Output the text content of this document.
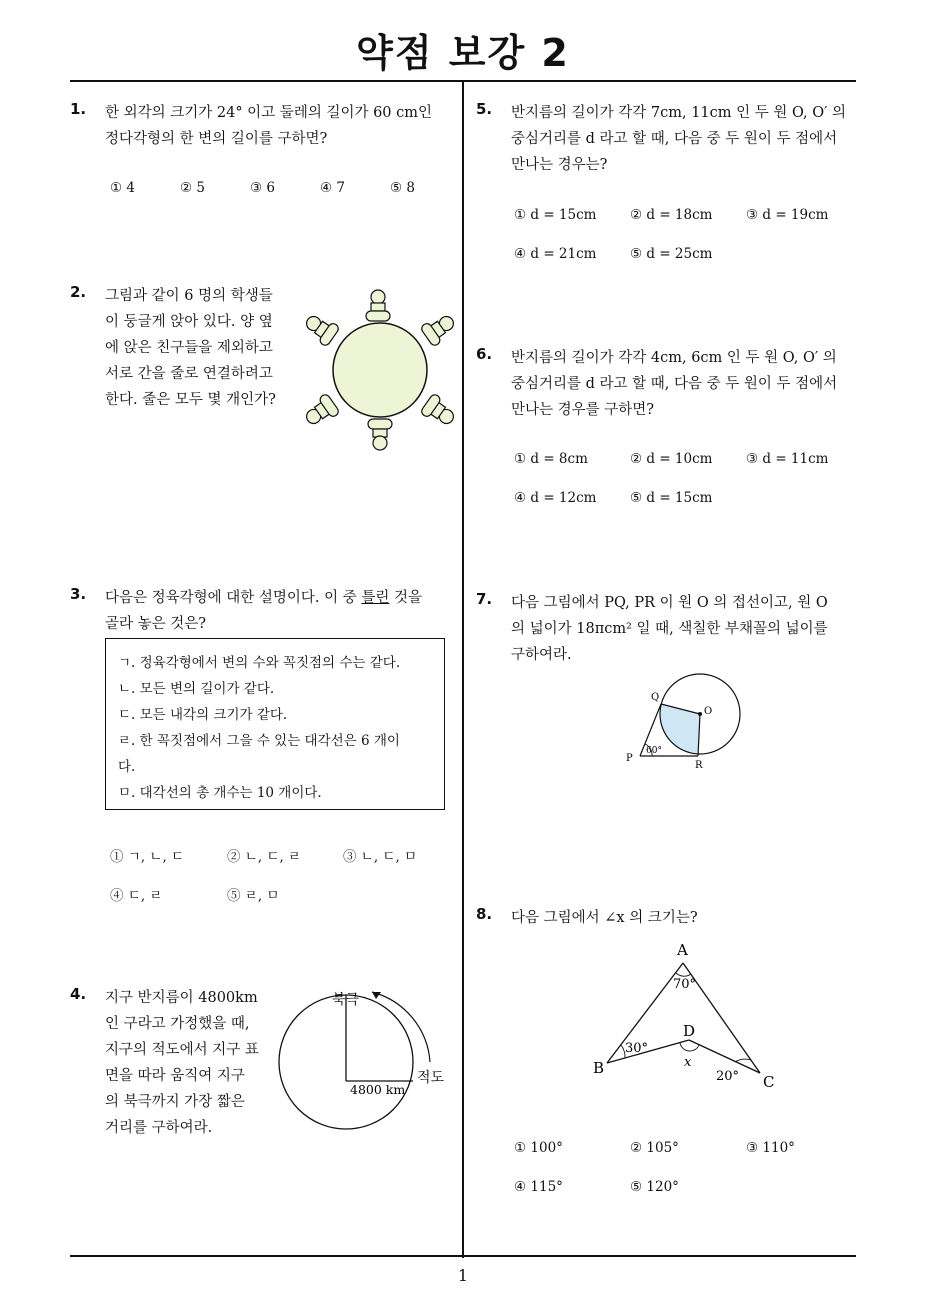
약점 보강 2
1. 한 외각의 크기가 24° 이고 둘레의 길이가 60 cm인
정다각형의 한 변의 길이를 구하면?
① 4	② 5	③ 6	④ 7	⑤ 8
2. 그림과 같이 6 명의 학생들
이 둥글게 앉아 있다. 양 옆
에 앉은 친구들을 제외하고
서로 간을 줄로 연결하려고
한다. 줄은 모두 몇 개인가?
3. 다음은 정육각형에 대한 설명이다. 이 중 틀린 것을
골라 놓은 것은?
ㄱ. 정육각형에서 변의 수와 꼭짓점의 수는 같다.
ㄴ. 모든 변의 길이가 같다.
ㄷ. 모든 내각의 크기가 같다.
ㄹ. 한 꼭짓점에서 그을 수 있는 대각선은 6 개이
다.
ㅁ. 대각선의 총 개수는 10 개이다.
① ㄱ, ㄴ, ㄷ	② ㄴ, ㄷ, ㄹ	③ ㄴ, ㄷ, ㅁ
④ ㄷ, ㄹ	⑤ ㄹ, ㅁ
4. 지구 반지름이 4800km
인 구라고 가정했을 때,
지구의 적도에서 지구 표
면을 따라 움직여 지구
의 북극까지 가장 짧은
거리를 구하여라.
북극
적도
4800 km
5. 반지름의 길이가 각각 7cm, 11cm 인 두 원 O, O′ 의
중심거리를 d 라고 할 때, 다음 중 두 원이 두 점에서
만나는 경우는?
① d = 15cm ② d = 18cm ③ d = 19cm
④ d = 21cm ⑤ d = 25cm
6. 반지름의 길이가 각각 4cm, 6cm 인 두 원 O, O′ 의
중심거리를 d 라고 할 때, 다음 중 두 원이 두 점에서
만나는 경우를 구하면?
① d = 8cm	② d = 10cm ③ d = 11cm
④ d = 12cm ⑤ d = 15cm
7. 다음 그림에서 PQ, PR 이 원 O 의 접선이고, 원 O
의 넓이가 18πcm² 일 때, 색칠한 부채꼴의 넓이를
구하여라.
Q
O
P
R
60°
8. 다음 그림에서 ∠x 의 크기는?
A
B
C
D
70°
30°
20°
x
① 100°	② 105°	③ 110°
④ 115°	⑤ 120°
1
